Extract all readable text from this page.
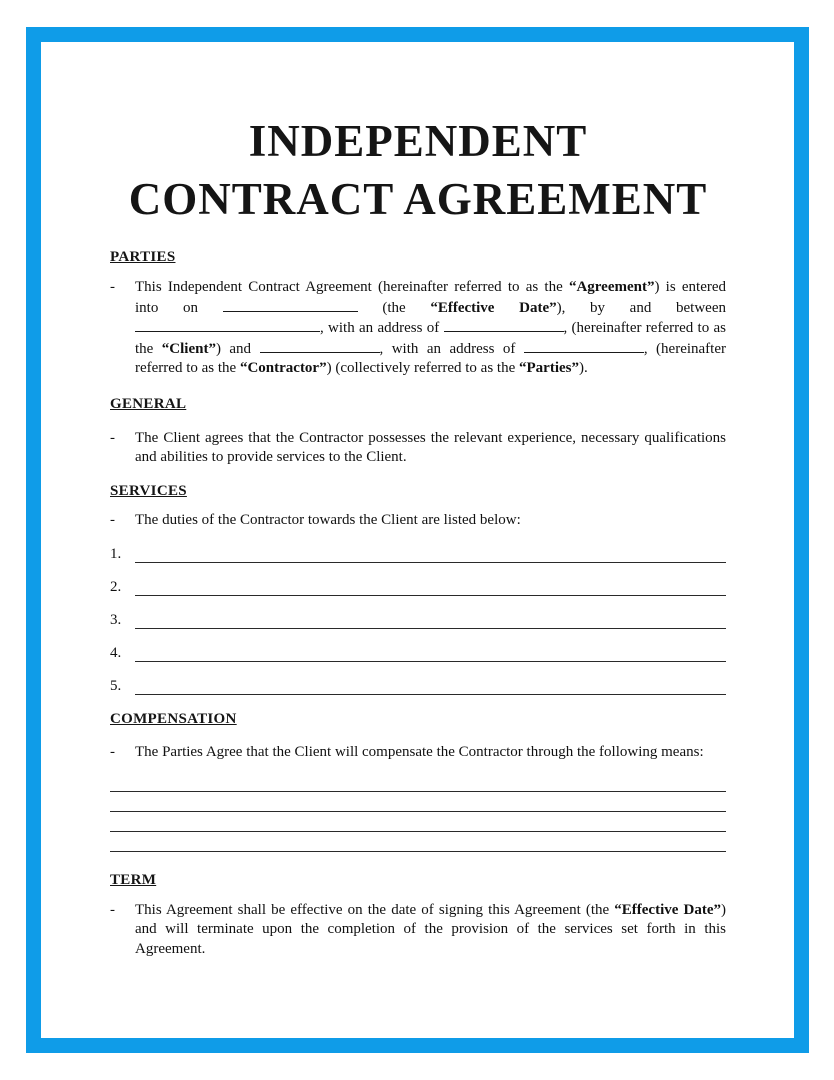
INDEPENDENT
CONTRACT AGREEMENT
PARTIES
-	This Independent Contract Agreement (hereinafter referred to as the “Agreement”) is entered into on	(the “Effective Date”), by and between , with an address of	, (hereinafter referred to as the “Client”) and	, with an address of	, (hereinafter referred to as the “Contractor”) (collectively referred to as the “Parties”).
GENERAL
-	The Client agrees that the Contractor possesses the relevant experience, necessary qualifications and abilities to provide services to the Client.
SERVICES
-	The duties of the Contractor towards the Client are listed below:
1.
2.
3.
4.
5.
COMPENSATION
-	The Parties Agree that the Client will compensate the Contractor through the following means:
TERM
-	This Agreement shall be effective on the date of signing this Agreement (the “Effective Date”) and will terminate upon the completion of the provision of the services set forth in this Agreement.
